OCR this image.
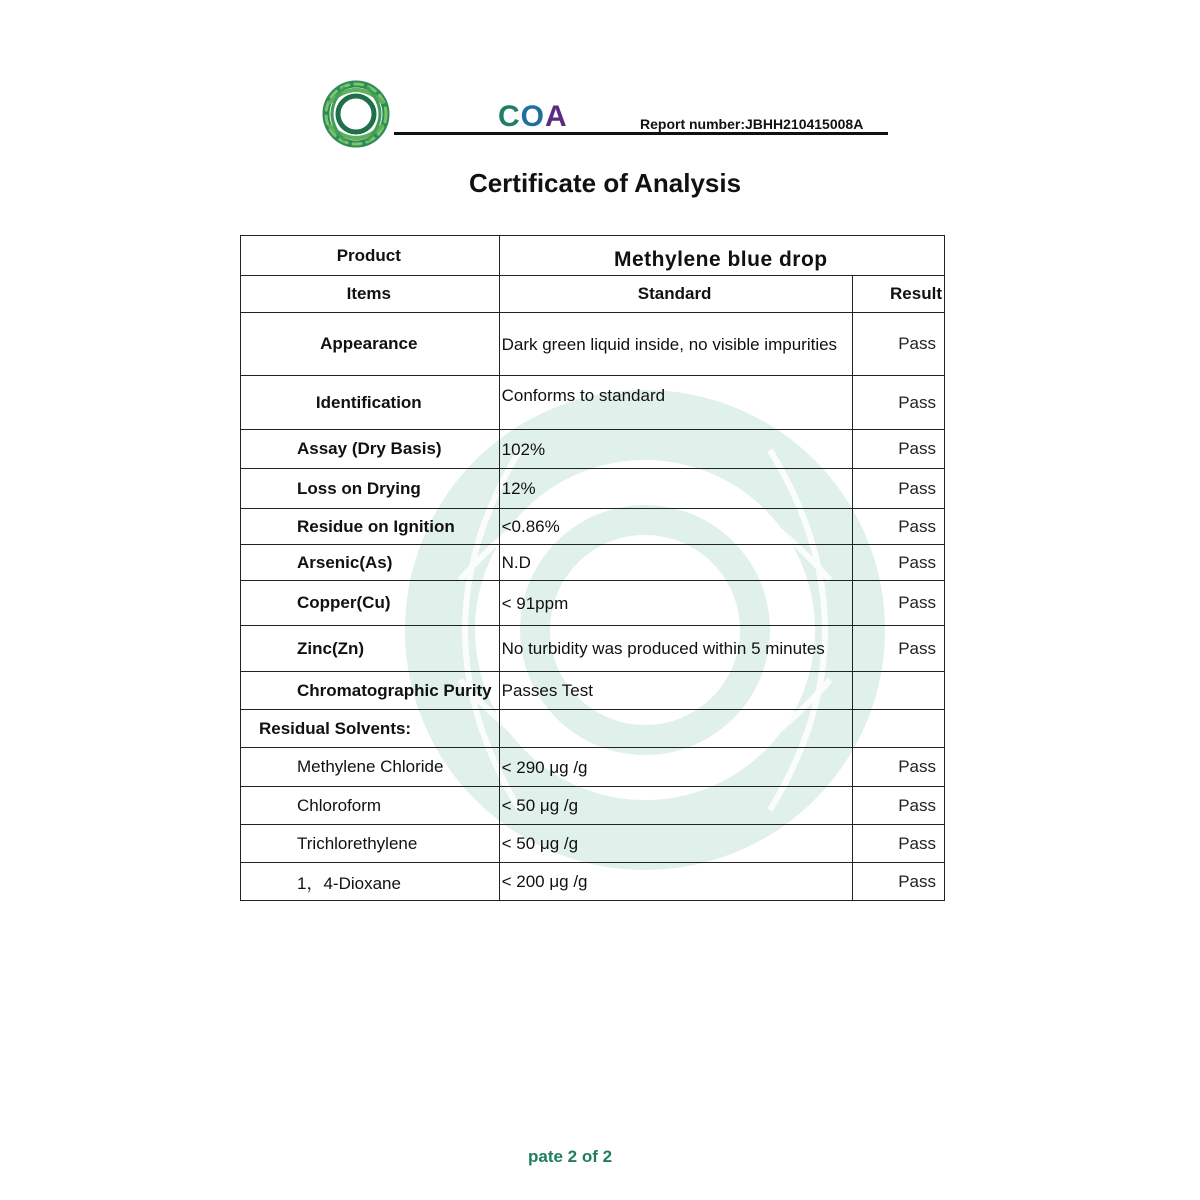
COA	Report number:JBHH210415008A
Certificate of Analysis
Product	Methylene blue drop	
Items	Standard	Result
Appearance	Dark green liquid inside, no visible impurities	Pass
Identification	Conforms to standard	Pass
Assay (Dry Basis)	102%	Pass
Loss on Drying	12%	Pass
Residue on Ignition	<0.86%	Pass
Arsenic(As)	N.D	Pass
Copper(Cu)	< 91ppm	Pass
Zinc(Zn)	No turbidity was produced within 5 minutes	Pass
Chromatographic Purity	Passes Test	
Residual Solvents:		
Methylene Chloride	< 290 μg /g	Pass
Chloroform	< 50 μg /g	Pass
Trichlorethylene	< 50 μg /g	Pass
1，4-Dioxane	< 200 μg /g	Pass
pate 2 of 2
